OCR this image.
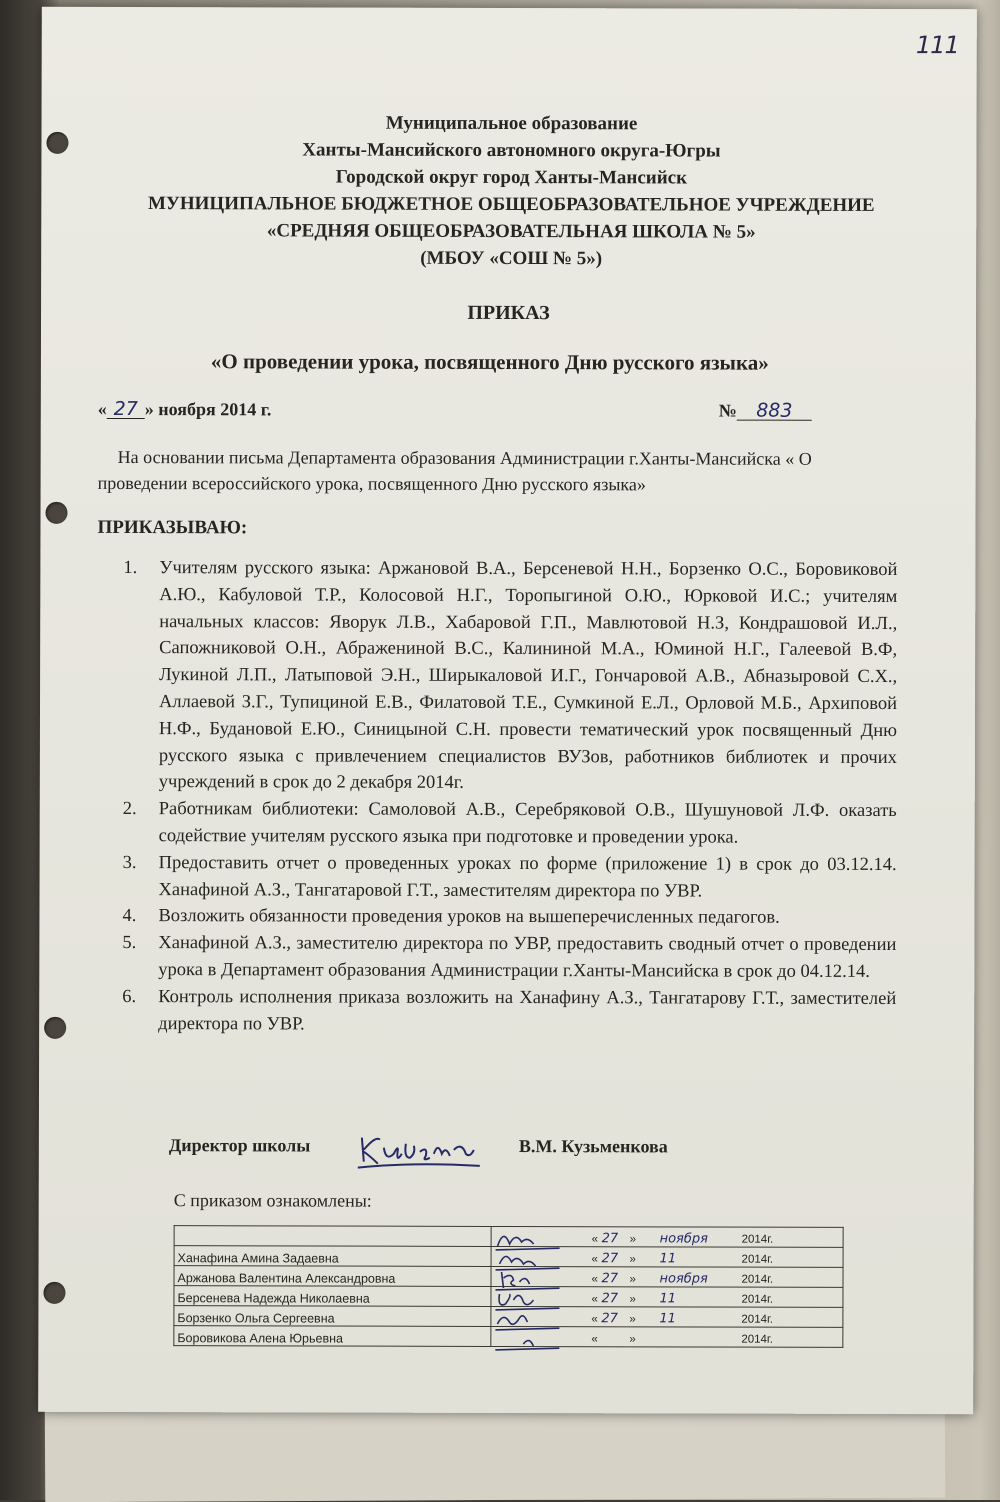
111
Муниципальное образование
Ханты-Мансийского автономного округа-Югры
Городской округ город Ханты-Мансийск
МУНИЦИПАЛЬНОЕ БЮДЖЕТНОЕ ОБЩЕОБРАЗОВАТЕЛЬНОЕ УЧРЕЖДЕНИЕ
«СРЕДНЯЯ ОБЩЕОБРАЗОВАТЕЛЬНАЯ ШКОЛА № 5»
(МБОУ «СОШ № 5»)
ПРИКАЗ
«О проведении урока, посвященного Дню русского языка»
« 27 » ноября 2014 г.	№ 883
На основании письма Департамента образования Администрации г.Ханты-Мансийска « О проведении всероссийского урока, посвященного Дню русского языка»
ПРИКАЗЫВАЮ:
1. Учителям русского языка: Аржановой В.А., Берсеневой Н.Н., Борзенко О.С., Боровиковой А.Ю., Кабуловой Т.Р., Колосовой Н.Г., Торопыгиной О.Ю., Юрковой И.С.; учителям начальных классов: Яворук Л.В., Хабаровой Г.П., Мавлютовой Н.З, Кондрашовой И.Л., Сапожниковой О.Н., Абраженинoй В.С., Калининой М.А., Юминой Н.Г., Галеевой В.Ф, Лукиной Л.П., Латыповой Э.Н., Ширыкаловой И.Г., Гончаровой А.В., Абназыровой С.Х., Аллаевой З.Г., Тупициной Е.В., Филатовой Т.Е., Сумкиной Е.Л., Орловой М.Б., Архиповой Н.Ф., Будановой Е.Ю., Синицыной С.Н. провести тематический урок посвященный Дню русского языка с привлечением специалистов ВУЗов, работников библиотек и прочих учреждений в срок до 2 декабря 2014г.
2. Работникам библиотеки: Самоловой А.В., Серебряковой О.В., Шушуновой Л.Ф. оказать содействие учителям русского языка при подготовке и проведении урока.
3. Предоставить отчет о проведенных уроках по форме (приложение 1) в срок до 03.12.14. Ханафиной А.З., Тангатаровой Г.Т., заместителям директора по УВР.
4. Возложить обязанности проведения уроков на вышеперечисленных педагогов.
5. Ханафиной А.З., заместителю директора по УВР, предоставить сводный отчет о проведении урока в Департамент образования Администрации г.Ханты-Мансийска в срок до 04.12.14.
6. Контроль исполнения приказа возложить на Ханафину А.З., Тангатарову Г.Т., заместителей директора по УВР.
Директор школы	В.М. Кузьменкова
С приказом ознакомлены:

	« 27 » ноября 2014г.

Ханафина Амина Задаевна	« 27 » 11 2014г.

Аржанова Валентина Александровна	« 27 » ноября 2014г.

Берсенева Надежда Николаевна	« 27 » 11 2014г.

Борзенко Ольга Сергеевна	« 27 » 11 2014г.

Боровикова Алена Юрьевна	« » 2014г.
